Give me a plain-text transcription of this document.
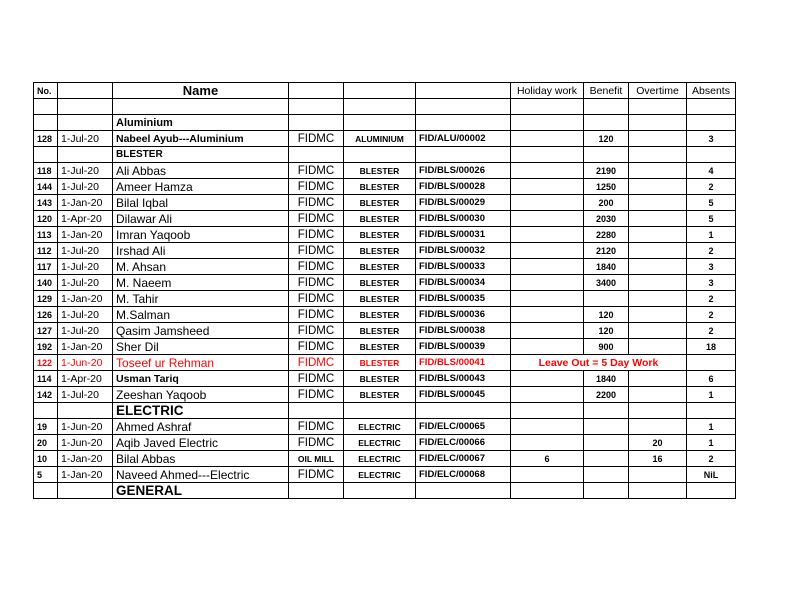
No.		Name				Holiday work	Benefit	Overtime	Absents

		Aluminium							
128	1-Jul-20	Nabeel Ayub---Aluminium	FIDMC	ALUMINIUM	FID/ALU/00002		120		3
		BLESTER							
118	1-Jul-20	Ali Abbas	FIDMC	BLESTER	FID/BLS/00026		2190		4
144	1-Jul-20	Ameer Hamza	FIDMC	BLESTER	FID/BLS/00028		1250		2
143	1-Jan-20	Bilal Iqbal	FIDMC	BLESTER	FID/BLS/00029		200		5
120	1-Apr-20	Dilawar Ali	FIDMC	BLESTER	FID/BLS/00030		2030		5
113	1-Jan-20	Imran Yaqoob	FIDMC	BLESTER	FID/BLS/00031		2280		1
112	1-Jul-20	Irshad Ali	FIDMC	BLESTER	FID/BLS/00032		2120		2
117	1-Jul-20	M. Ahsan	FIDMC	BLESTER	FID/BLS/00033		1840		3
140	1-Jul-20	M. Naeem	FIDMC	BLESTER	FID/BLS/00034		3400		3
129	1-Jan-20	M. Tahir	FIDMC	BLESTER	FID/BLS/00035				2
126	1-Jul-20	M.Salman	FIDMC	BLESTER	FID/BLS/00036		120		2
127	1-Jul-20	Qasim Jamsheed	FIDMC	BLESTER	FID/BLS/00038		120		2
192	1-Jan-20	Sher Dil	FIDMC	BLESTER	FID/BLS/00039		900		18
122	1-Jun-20	Toseef ur Rehman	FIDMC	BLESTER	FID/BLS/00041	Leave Out = 5 Day Work			
114	1-Apr-20	Usman Tariq	FIDMC	BLESTER	FID/BLS/00043		1840		6
142	1-Jul-20	Zeeshan Yaqoob	FIDMC	BLESTER	FID/BLS/00045		2200		1
		ELECTRIC							
19	1-Jun-20	Ahmed Ashraf	FIDMC	ELECTRIC	FID/ELC/00065				1
20	1-Jun-20	Aqib Javed Electric	FIDMC	ELECTRIC	FID/ELC/00066			20	1
10	1-Jan-20	Bilal Abbas	OIL MILL	ELECTRIC	FID/ELC/00067	6		16	2
5	1-Jan-20	Naveed Ahmed---Electric	FIDMC	ELECTRIC	FID/ELC/00068				NiL
		GENERAL							
